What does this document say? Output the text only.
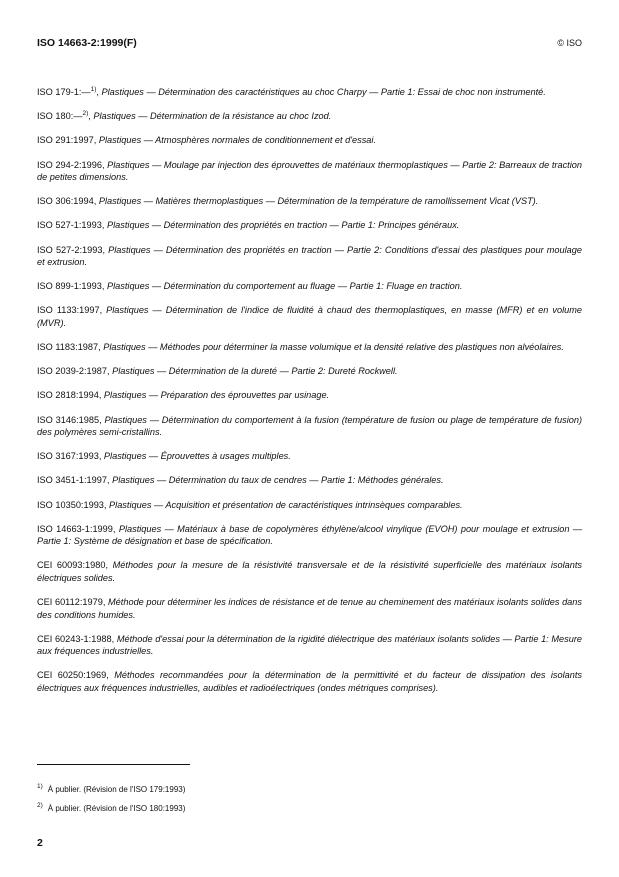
ISO 14663-2:1999(F)	© ISO

ISO 179-1:—$^{1)}$, Plastiques — Détermination des caractéristiques au choc Charpy — Partie 1: Essai de choc non instrumenté.

ISO 180:—$^{2)}$, Plastiques — Détermination de la résistance au choc Izod.

ISO 291:1997, Plastiques — Atmosphères normales de conditionnement et d'essai.

ISO 294-2:1996, Plastiques — Moulage par injection des éprouvettes de matériaux thermoplastiques — Partie 2: Barreaux de traction de petites dimensions.

ISO 306:1994, Plastiques — Matières thermoplastiques — Détermination de la température de ramollissement Vicat (VST).

ISO 527-1:1993, Plastiques — Détermination des propriétés en traction — Partie 1: Principes généraux.

ISO 527-2:1993, Plastiques — Détermination des propriétés en traction — Partie 2: Conditions d'essai des plastiques pour moulage et extrusion.

ISO 899-1:1993, Plastiques — Détermination du comportement au fluage — Partie 1: Fluage en traction.

ISO 1133:1997, Plastiques — Détermination de l'indice de fluidité à chaud des thermoplastiques, en masse (MFR) et en volume (MVR).

ISO 1183:1987, Plastiques — Méthodes pour déterminer la masse volumique et la densité relative des plastiques non alvéolaires.

ISO 2039-2:1987, Plastiques — Détermination de la dureté — Partie 2: Dureté Rockwell.

ISO 2818:1994, Plastiques — Préparation des éprouvettes par usinage.

ISO 3146:1985, Plastiques — Détermination du comportement à la fusion (température de fusion ou plage de température de fusion) des polymères semi-cristallins.

ISO 3167:1993, Plastiques — Éprouvettes à usages multiples.

ISO 3451-1:1997, Plastiques — Détermination du taux de cendres — Partie 1: Méthodes générales.

ISO 10350:1993, Plastiques — Acquisition et présentation de caractéristiques intrinsèques comparables.

ISO 14663-1:1999, Plastiques — Matériaux à base de copolymères éthylène/alcool vinylique (EVOH) pour moulage et extrusion — Partie 1: Système de désignation et base de spécification.

CEI 60093:1980, Méthodes pour la mesure de la résistivité transversale et de la résistivité superficielle des matériaux isolants électriques solides.

CEI 60112:1979, Méthode pour déterminer les indices de résistance et de tenue au cheminement des matériaux isolants solides dans des conditions humides.

CEI 60243-1:1988, Méthode d'essai pour la détermination de la rigidité diélectrique des matériaux isolants solides — Partie 1: Mesure aux fréquences industrielles.

CEI 60250:1969, Méthodes recommandées pour la détermination de la permittivité et du facteur de dissipation des isolants électriques aux fréquences industrielles, audibles et radioélectriques (ondes métriques comprises).

$^{1)}$ À publier. (Révision de l'ISO 179:1993)
$^{2)}$ À publier. (Révision de l'ISO 180:1993)
2
